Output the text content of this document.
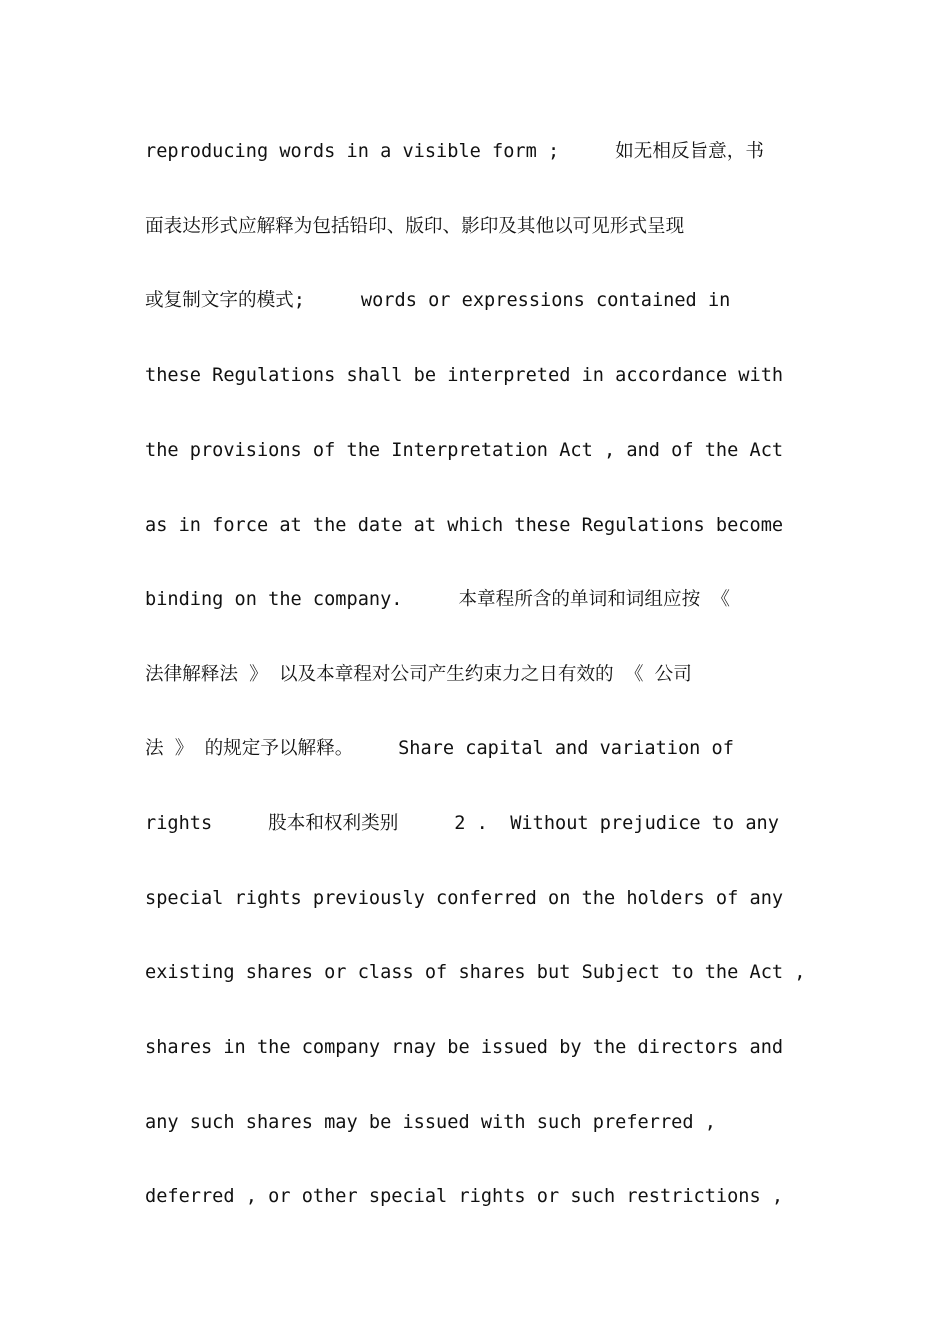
reproducing words in a visible form ;     如无相反旨意，书
面表达形式应解释为包括铅印、版印、影印及其他以可见形式呈现
或复制文字的模式;     words or expressions contained in
these Regulations shall be interpreted in accordance with
the provisions of the Interpretation Act , and of the Act
as in force at the date at which these Regulations become
binding on the company.     本章程所含的单词和词组应按 《
法律解释法 》 以及本章程对公司产生约束力之日有效的 《 公司
法 》 的规定予以解释。    Share capital and variation of
rights     股本和权利类别     2 .  Without prejudice to any
special rights previously conferred on the holders of any
existing shares or class of shares but Subject to the Act ,
shares in the company rnay be issued by the directors and
any such shares may be issued with such preferred ,
deferred , or other special rights or such restrictions ,
